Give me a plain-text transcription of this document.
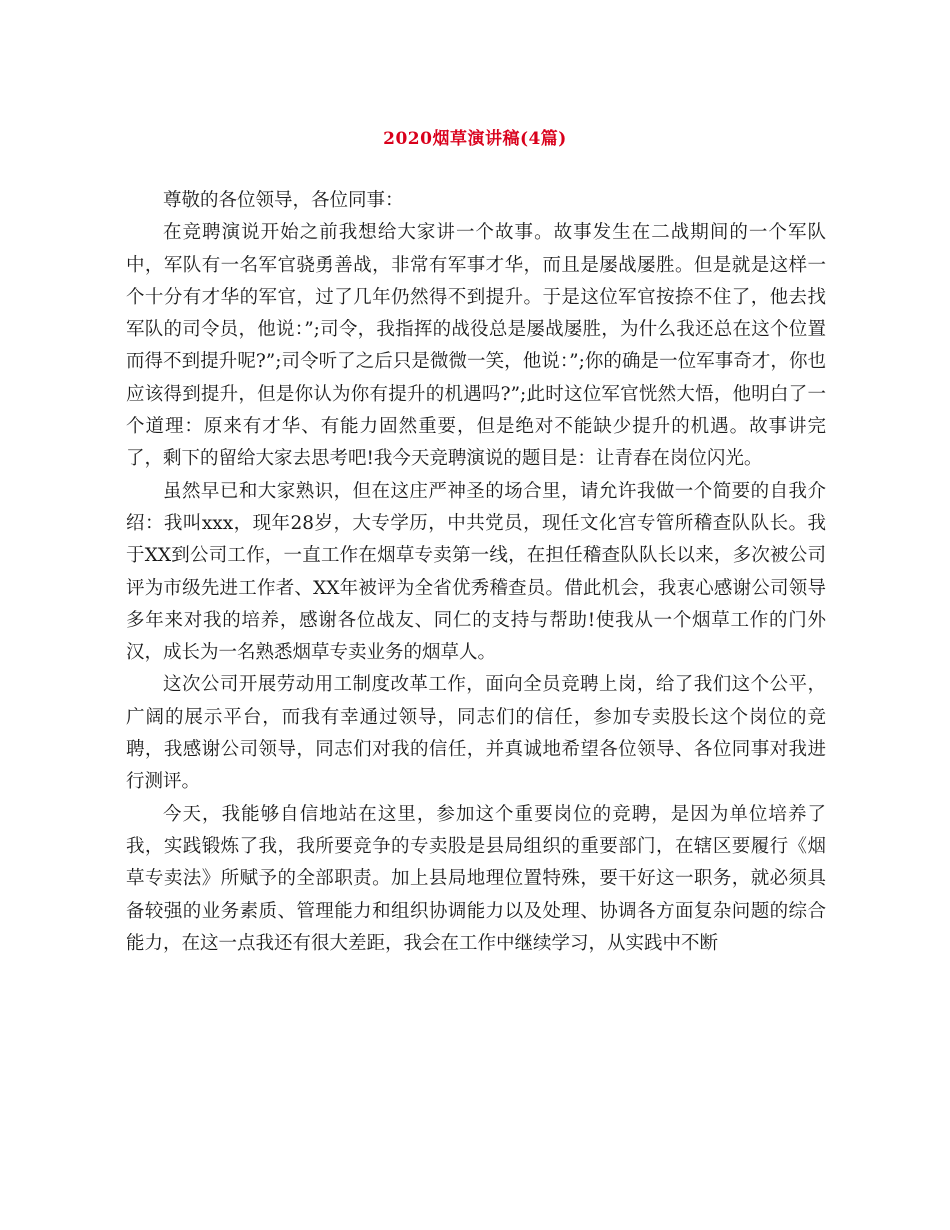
2020烟草演讲稿(4篇)

尊敬的各位领导，各位同事：

在竞聘演说开始之前我想给大家讲一个故事。故事发生在二战期间的一个军队中，军队有一名军官骁勇善战，非常有军事才华，而且是屡战屡胜。但是就是这样一个十分有才华的军官，过了几年仍然得不到提升。于是这位军官按捺不住了，他去找军队的司令员，他说：”;司令，我指挥的战役总是屡战屡胜，为什么我还总在这个位置而得不到提升呢?”;司令听了之后只是微微一笑，他说：”;你的确是一位军事奇才，你也应该得到提升，但是你认为你有提升的机遇吗?”;此时这位军官恍然大悟，他明白了一个道理：原来有才华、有能力固然重要，但是绝对不能缺少提升的机遇。故事讲完了，剩下的留给大家去思考吧!我今天竞聘演说的题目是：让青春在岗位闪光。

虽然早已和大家熟识，但在这庄严神圣的场合里，请允许我做一个简要的自我介绍：我叫xxx，现年28岁，大专学历，中共党员，现任文化宫专管所稽查队队长。我于XX到公司工作，一直工作在烟草专卖第一线，在担任稽查队队长以来，多次被公司评为市级先进工作者、XX年被评为全省优秀稽查员。借此机会，我衷心感谢公司领导多年来对我的培养，感谢各位战友、同仁的支持与帮助!使我从一个烟草工作的门外汉，成长为一名熟悉烟草专卖业务的烟草人。

这次公司开展劳动用工制度改革工作，面向全员竞聘上岗，给了我们这个公平，广阔的展示平台，而我有幸通过领导，同志们的信任，参加专卖股长这个岗位的竞聘，我感谢公司领导，同志们对我的信任，并真诚地希望各位领导、各位同事对我进行测评。

今天，我能够自信地站在这里，参加这个重要岗位的竞聘，是因为单位培养了我，实践锻炼了我，我所要竞争的专卖股是县局组织的重要部门，在辖区要履行《烟草专卖法》所赋予的全部职责。加上县局地理位置特殊，要干好这一职务，就必须具备较强的业务素质、管理能力和组织协调能力以及处理、协调各方面复杂问题的综合能力，在这一点我还有很大差距，我会在工作中继续学习，从实践中不断
